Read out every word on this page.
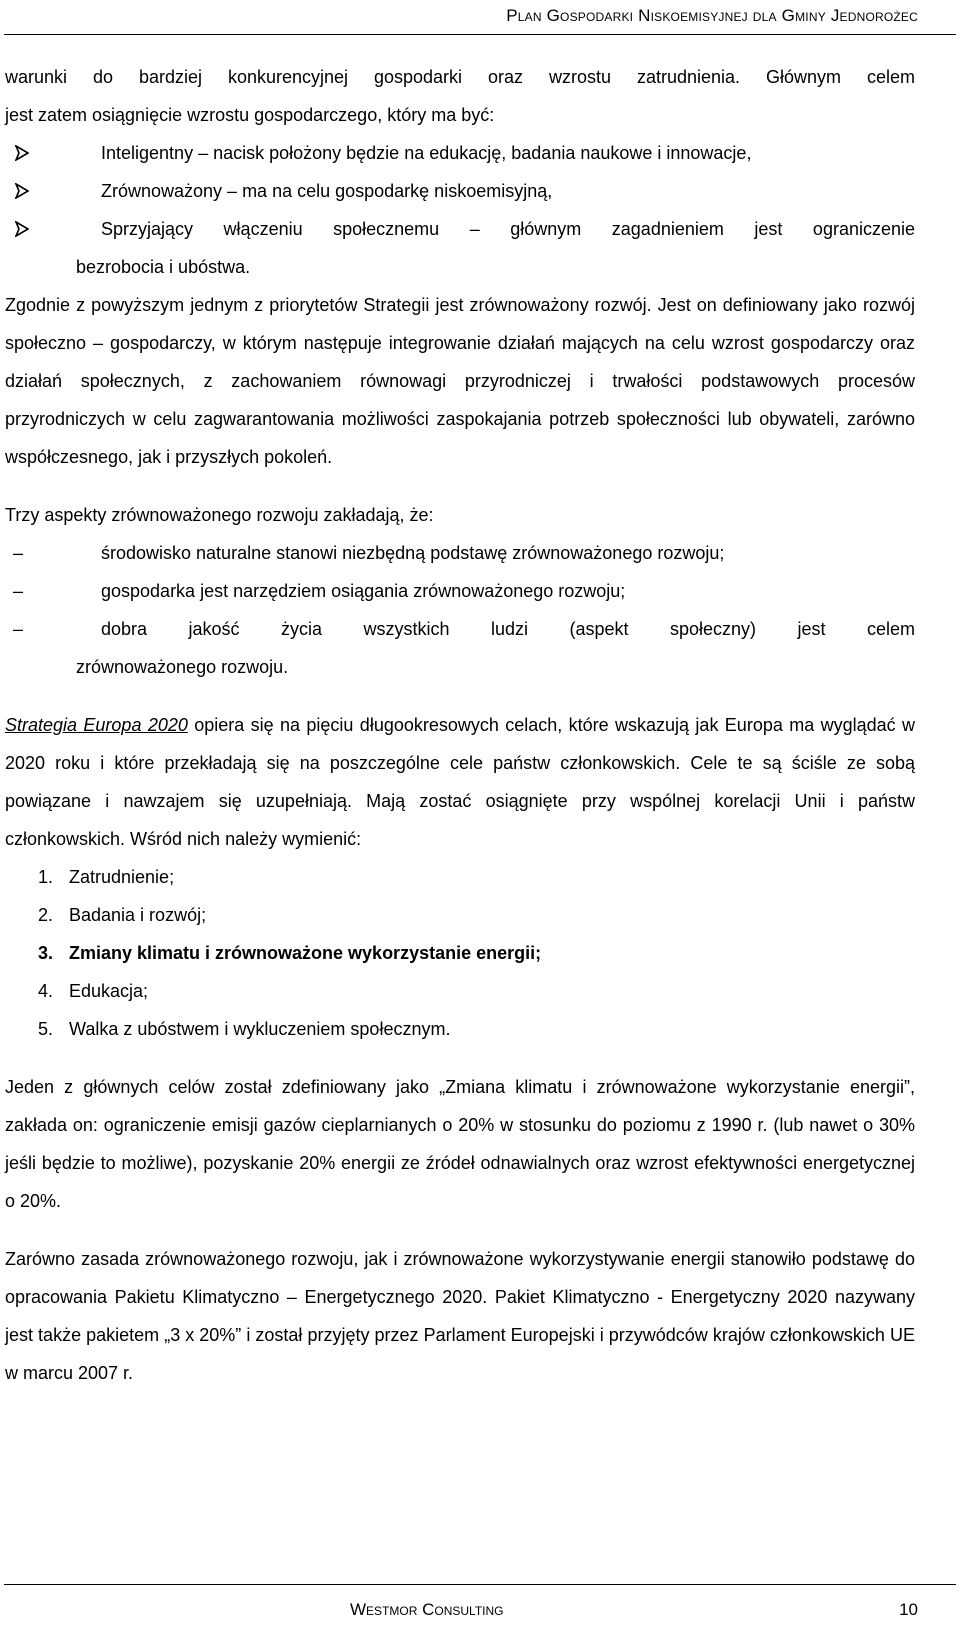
Plan Gospodarki Niskoemisyjnej dla Gminy Jednorożec

warunki do bardziej konkurencyjnej gospodarki oraz wzrostu zatrudnienia. Głównym celem

jest zatem osiągnięcie wzrostu gospodarczego, który ma być:

Inteligentny – nacisk położony będzie na edukację, badania naukowe i innowacje,
Zrównoważony – ma na celu gospodarkę niskoemisyjną,
Sprzyjający włączeniu społecznemu – głównym zagadnieniem jest ograniczenie

bezrobocia i ubóstwa.

Zgodnie z powyższym jednym z priorytetów Strategii jest zrównoważony rozwój. Jest on definiowany jako rozwój społeczno – gospodarczy, w którym następuje integrowanie działań mających na celu wzrost gospodarczy oraz działań społecznych, z zachowaniem równowagi przyrodniczej i trwałości podstawowych procesów przyrodniczych w celu zagwarantowania możliwości zaspokajania potrzeb społeczności lub obywateli, zarówno współczesnego, jak i przyszłych pokoleń.

Trzy aspekty zrównoważonego rozwoju zakładają, że:

–	środowisko naturalne stanowi niezbędną podstawę zrównoważonego rozwoju;
–	gospodarka jest narzędziem osiągania zrównoważonego rozwoju;
–	dobra jakość życia wszystkich ludzi (aspekt społeczny) jest celem

zrównoważonego rozwoju.

Strategia Europa 2020 opiera się na pięciu długookresowych celach, które wskazują jak Europa ma wyglądać w 2020 roku i które przekładają się na poszczególne cele państw członkowskich. Cele te są ściśle ze sobą powiązane i nawzajem się uzupełniają. Mają zostać osiągnięte przy wspólnej korelacji Unii i państw członkowskich. Wśród nich należy wymienić:

1. Zatrudnienie;
2. Badania i rozwój;
3. Zmiany klimatu i zrównoważone wykorzystanie energii;
4. Edukacja;
5. Walka z ubóstwem i wykluczeniem społecznym.

Jeden z głównych celów został zdefiniowany jako „Zmiana klimatu i zrównoważone wykorzystanie energii”, zakłada on: ograniczenie emisji gazów cieplarnianych o 20% w stosunku do poziomu z 1990 r. (lub nawet o 30% jeśli będzie to możliwe), pozyskanie 20% energii ze źródeł odnawialnych oraz wzrost efektywności energetycznej o 20%.

Zarówno zasada zrównoważonego rozwoju, jak i zrównoważone wykorzystywanie energii stanowiło podstawę do opracowania Pakietu Klimatyczno – Energetycznego 2020. Pakiet Klimatyczno - Energetyczny 2020 nazywany jest także pakietem „3 x 20%” i został przyjęty przez Parlament Europejski i przywódców krajów członkowskich UE w marcu 2007 r.

Westmor Consulting	10
